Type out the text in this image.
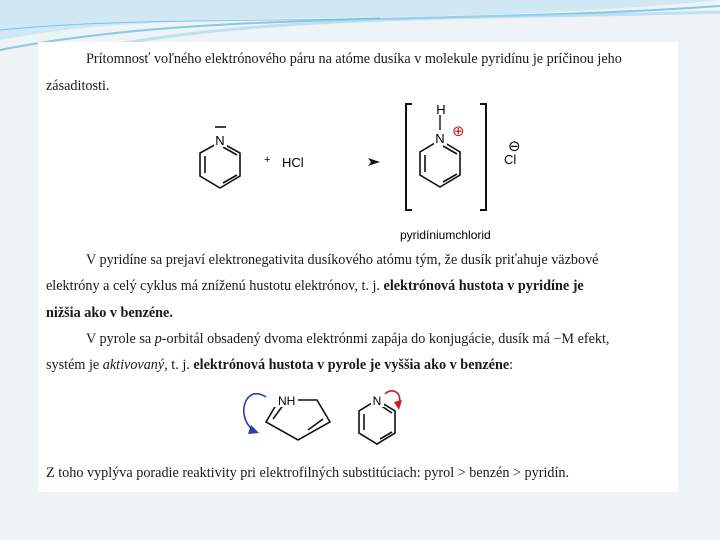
Prítomnosť voľného elektrónového páru na atóme dusíka v molekule pyridínu je príčinou jeho
zásaditosti.
N
+ HCl
N
H
⊕
⊖
Cl
pyridíniumchlorid
NH	N
V pyridíne sa prejaví elektronegativita dusíkového atómu tým, že dusík priťahuje väzbové
elektróny a celý cyklus má zníženú hustotu elektrónov, t. j. elektrónová hustota v pyridíne je
nižšia ako v benzéne.
V pyrole sa p-orbitál obsadený dvoma elektrónmi zapája do konjugácie, dusík má −M efekt,
systém je aktivovaný, t. j. elektrónová hustota v pyrole je vyššia ako v benzéne:
Z toho vyplýva poradie reaktivity pri elektrofilných substitúciach: pyrol > benzén > pyridín.
